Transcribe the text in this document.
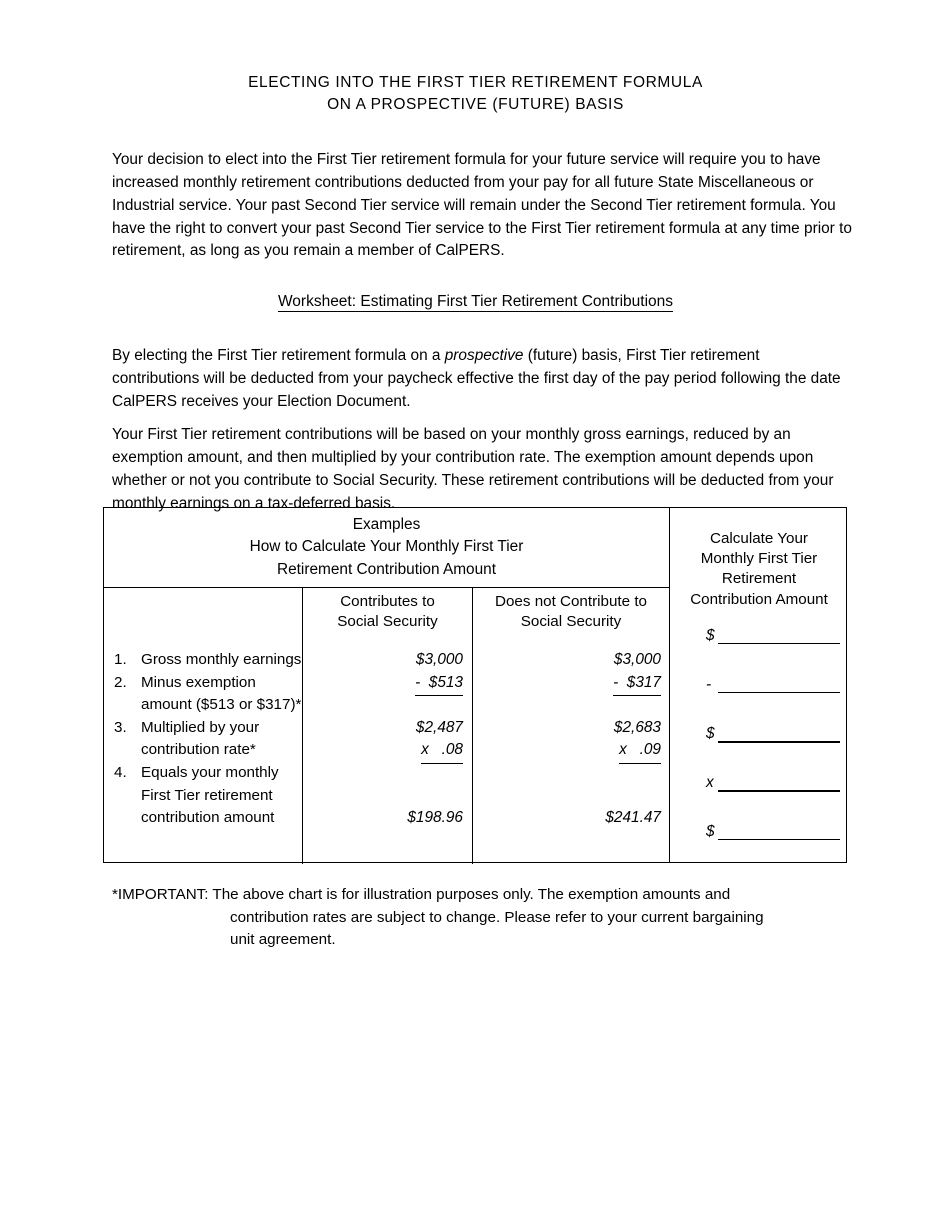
ELECTING INTO THE FIRST TIER RETIREMENT FORMULA
ON A PROSPECTIVE (FUTURE) BASIS

Your decision to elect into the First Tier retirement formula for your future service will require you to have increased monthly retirement contributions deducted from your pay for all future State Miscellaneous or Industrial service. Your past Second Tier service will remain under the Second Tier retirement formula. You have the right to convert your past Second Tier service to the First Tier retirement formula at any time prior to retirement, as long as you remain a member of CalPERS.

Worksheet: Estimating First Tier Retirement Contributions

By electing the First Tier retirement formula on a prospective (future) basis, First Tier retirement contributions will be deducted from your paycheck effective the first day of the pay period following the date CalPERS receives your Election Document.

Your First Tier retirement contributions will be based on your monthly gross earnings, reduced by an exemption amount, and then multiplied by your contribution rate. The exemption amount depends upon whether or not you contribute to Social Security. These retirement contributions will be deducted from your monthly earnings on a tax-deferred basis.

Examples
How to Calculate Your Monthly First Tier
Retirement Contribution Amount
Calculate Your
Monthly First Tier
Retirement
Contribution Amount
Contributes to
Social Security
Does not Contribute to
Social Security
1. Gross monthly earnings
2. Minus exemption amount ($513 or $317)*
3. Multiplied by your contribution rate*
4. Equals your monthly First Tier retirement contribution amount
$3,000
-  $513
$2,487
x   .08
$198.96
$3,000
-  $317
$2,683
x   .09
$241.47
$
-
$
x
$
*IMPORTANT: The above chart is for illustration purposes only. The exemption amounts and
contribution rates are subject to change. Please refer to your current bargaining
unit agreement.
